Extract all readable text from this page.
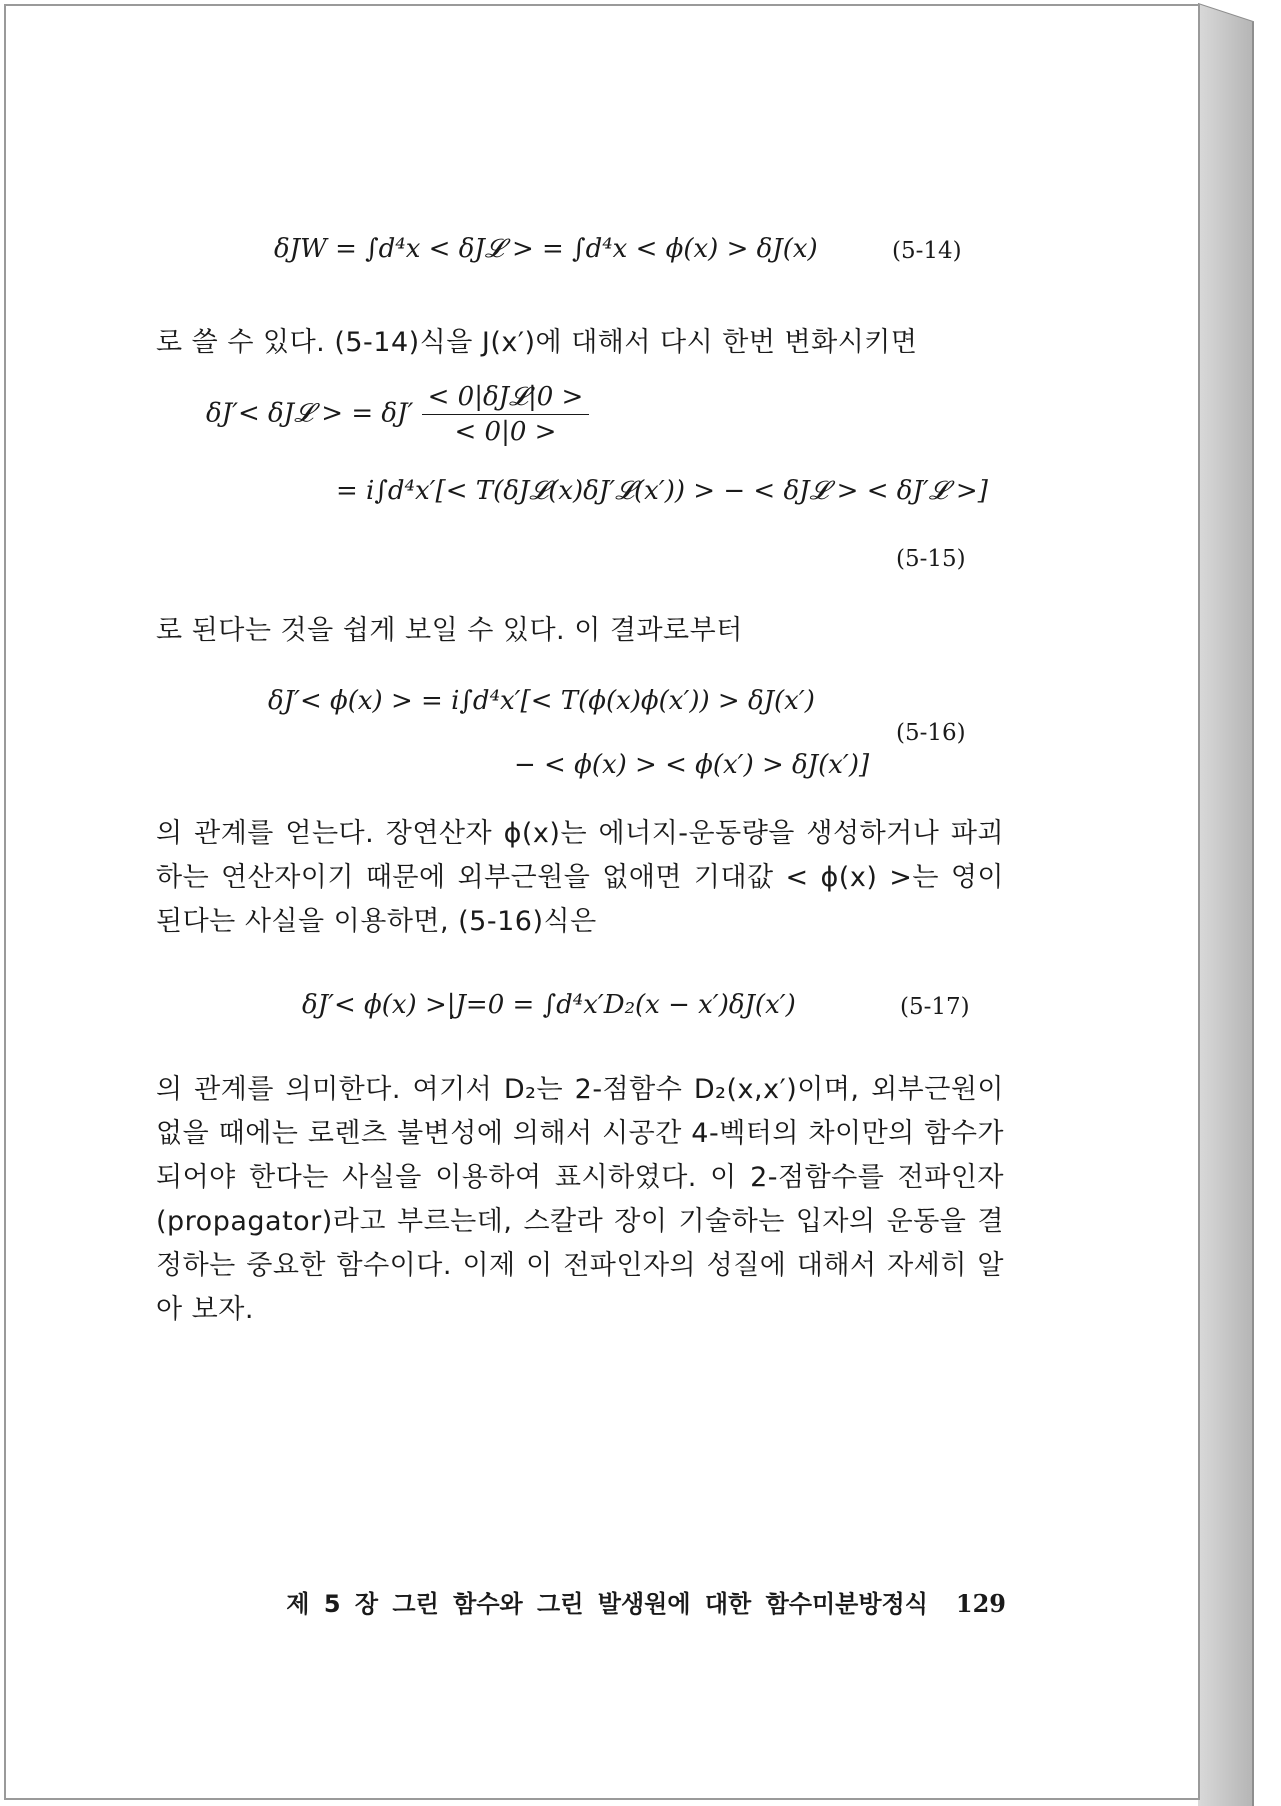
δJW = ∫d⁴x < δJ𝓛 > = ∫d⁴x < ϕ(x) > δJ(x)	(5-14)
로 쓸 수 있다. (5-14)식을 J(x′)에 대해서 다시 한번 변화시키면
δJ′< δJ𝓛 > = $\delta J' \frac{\text{< 0|δJ𝓛|0 >}}{< 0|0 >}$
= i∫d⁴x′[< T(δJ𝓛(x)δJ′𝓛(x′)) > − < δJ𝓛 > < δJ′𝓛 >]
(5-15)
로 된다는 것을 쉽게 보일 수 있다. 이 결과로부터
δJ′< ϕ(x) > = i∫d⁴x′[< T(ϕ(x)ϕ(x′)) > δJ(x′)
− < ϕ(x) > < ϕ(x′) > δJ(x′)]
(5-16)
의 관계를 얻는다. 장연산자 ϕ(x)는 에너지-운동량을 생성하거나 파괴하는 연산자이기 때문에 외부근원을 없애면 기대값 < ϕ(x) >는 영이 된다는 사실을 이용하면, (5-16)식은
δJ′< ϕ(x) >|J=0 = ∫d⁴x′D₂(x − x′)δJ(x′)	(5-17)
의 관계를 의미한다. 여기서 D₂는 2-점함수 D₂(x,x′)이며, 외부근원이 없을 때에는 로렌츠 불변성에 의해서 시공간 4-벡터의 차이만의 함수가 되어야 한다는 사실을 이용하여 표시하였다. 이 2-점함수를 전파인자 (propagator)라고 부르는데, 스칼라 장이 기술하는 입자의 운동을 결정하는 중요한 함수이다. 이제 이 전파인자의 성질에 대해서 자세히 알아 보자.
제 5 장 그린 함수와 그린 발생원에 대한 함수미분방정식 129
